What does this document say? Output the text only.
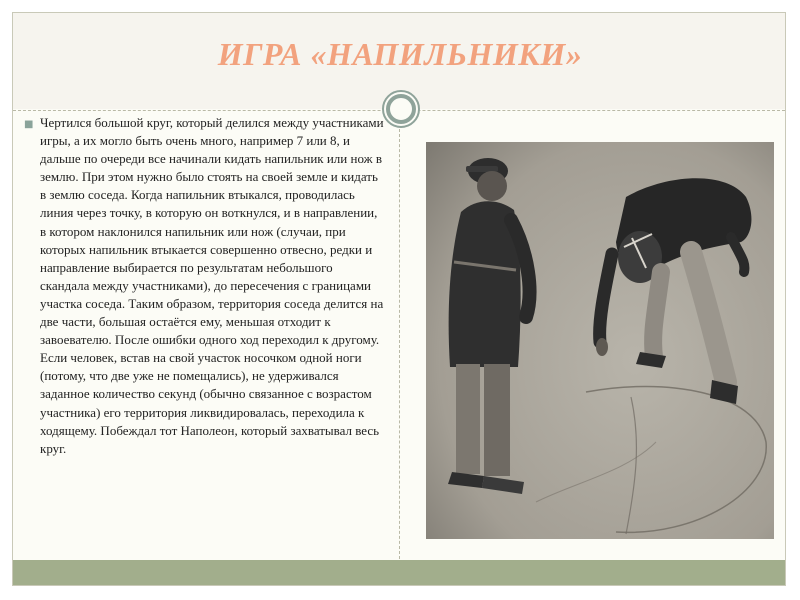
ИГРА «НАПИЛЬНИКИ»
■ Чертился большой круг, который делился между участниками игры, а их могло быть очень много, например 7 или 8, и дальше по очереди все начинали кидать напильник или нож в землю. При этом нужно было стоять на своей земле и кидать в землю соседа. Когда напильник втыкался, проводилась линия через точку, в которую он воткнулся, и в направлении, в котором наклонился напильник или нож (случаи, при которых напильник втыкается совершенно отвесно, редки и направление выбирается по результатам небольшого скандала между участниками), до пересечения с границами участка соседа. Таким образом, территория соседа делится на две части, большая остаётся ему, меньшая отходит к завоевателю. После ошибки одного ход переходил к другому. Если человек, встав на свой участок носочком одной ноги (потому, что две уже не помещались), не удерживался заданное количество секунд (обычно связанное с возрастом участника) его территория ликвидировалась, переходила к ходящему. Побеждал тот Наполеон, который захватывал весь круг.
